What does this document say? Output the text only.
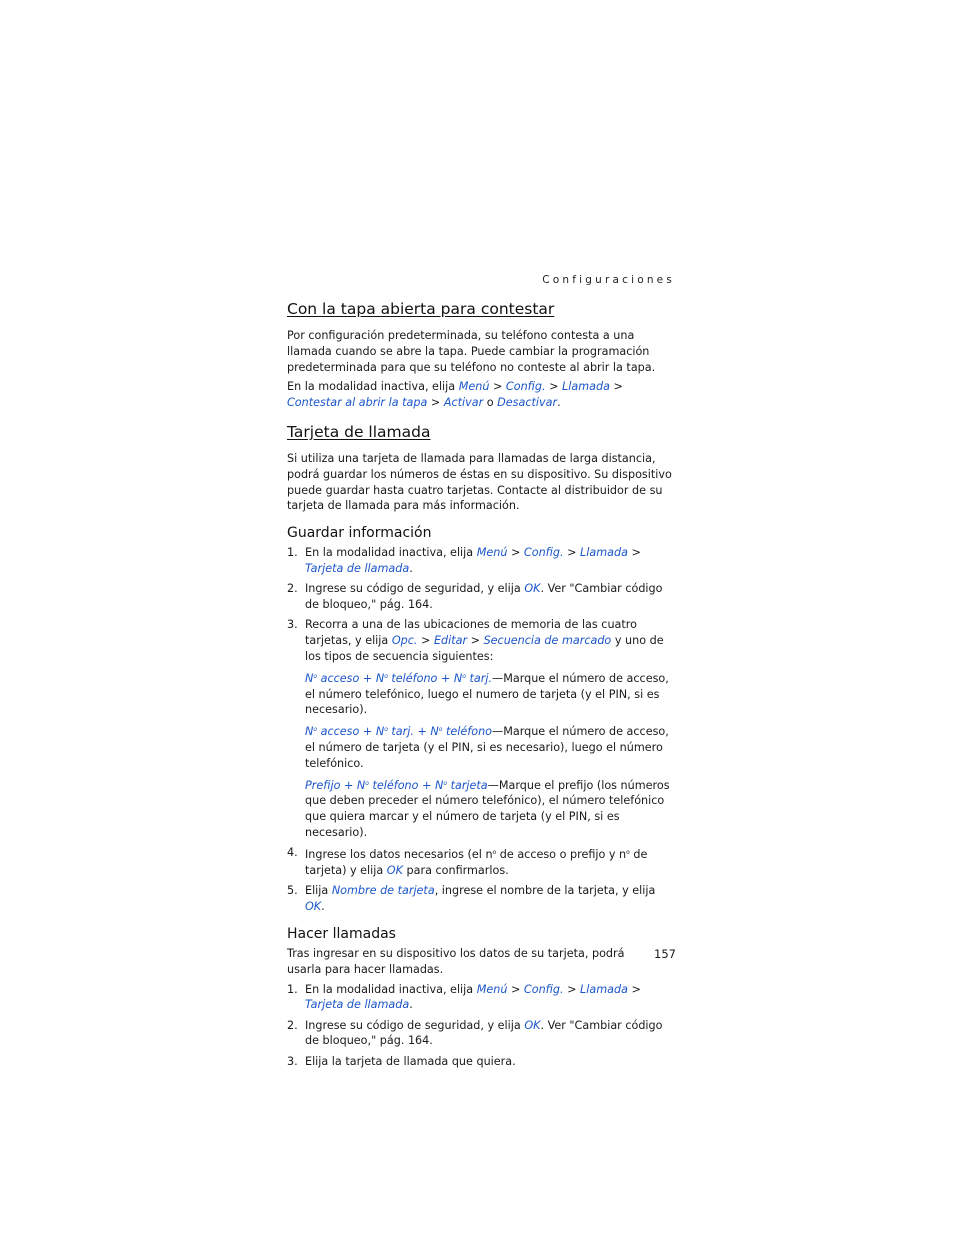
Configuraciones
Con la tapa abierta para contestar

Por configuración predeterminada, su teléfono contesta a una llamada cuando se abre la tapa. Puede cambiar la programación predeterminada para que su teléfono no conteste al abrir la tapa.

En la modalidad inactiva, elija Menú > Config. > Llamada > Contestar al abrir la tapa > Activar o Desactivar.

Tarjeta de llamada

Si utiliza una tarjeta de llamada para llamadas de larga distancia, podrá guardar los números de éstas en su dispositivo. Su dispositivo puede guardar hasta cuatro tarjetas. Contacte al distribuidor de su tarjeta de llamada para más información.

Guardar información
1. En la modalidad inactiva, elija Menú > Config. > Llamada > Tarjeta de llamada.
2. Ingrese su código de seguridad, y elija OK. Ver "Cambiar código de bloqueo," pág. 164.
3. Recorra a una de las ubicaciones de memoria de las cuatro tarjetas, y elija Opc. > Editar > Secuencia de marcado y uno de los tipos de secuencia siguientes:
$N^o$ acceso + $N^o$ teléfono + $N^o$ tarj.—Marque el número de acceso, el número telefónico, luego el numero de tarjeta (y el PIN, si es necesario).
$N^o$ acceso + $N^o$ tarj. + $N^o$ teléfono—Marque el número de acceso, el número de tarjeta (y el PIN, si es necesario), luego el número telefónico.
Prefijo + $N^o$ teléfono + $N^o$ tarjeta—Marque el prefijo (los números que deben preceder el número telefónico), el número telefónico que quiera marcar y el número de tarjeta (y el PIN, si es necesario).
4. Ingrese los datos necesarios (el $n^o$ de acceso o prefijo y $n^o$ de tarjeta) y elija OK para confirmarlos.
5. Elija Nombre de tarjeta, ingrese el nombre de la tarjeta, y elija OK.
Hacer llamadas

Tras ingresar en su dispositivo los datos de su tarjeta, podrá usarla para hacer llamadas.

1. En la modalidad inactiva, elija Menú > Config. > Llamada > Tarjeta de llamada.
2. Ingrese su código de seguridad, y elija OK. Ver "Cambiar código de bloqueo," pág. 164.
3. Elija la tarjeta de llamada que quiera.
157
